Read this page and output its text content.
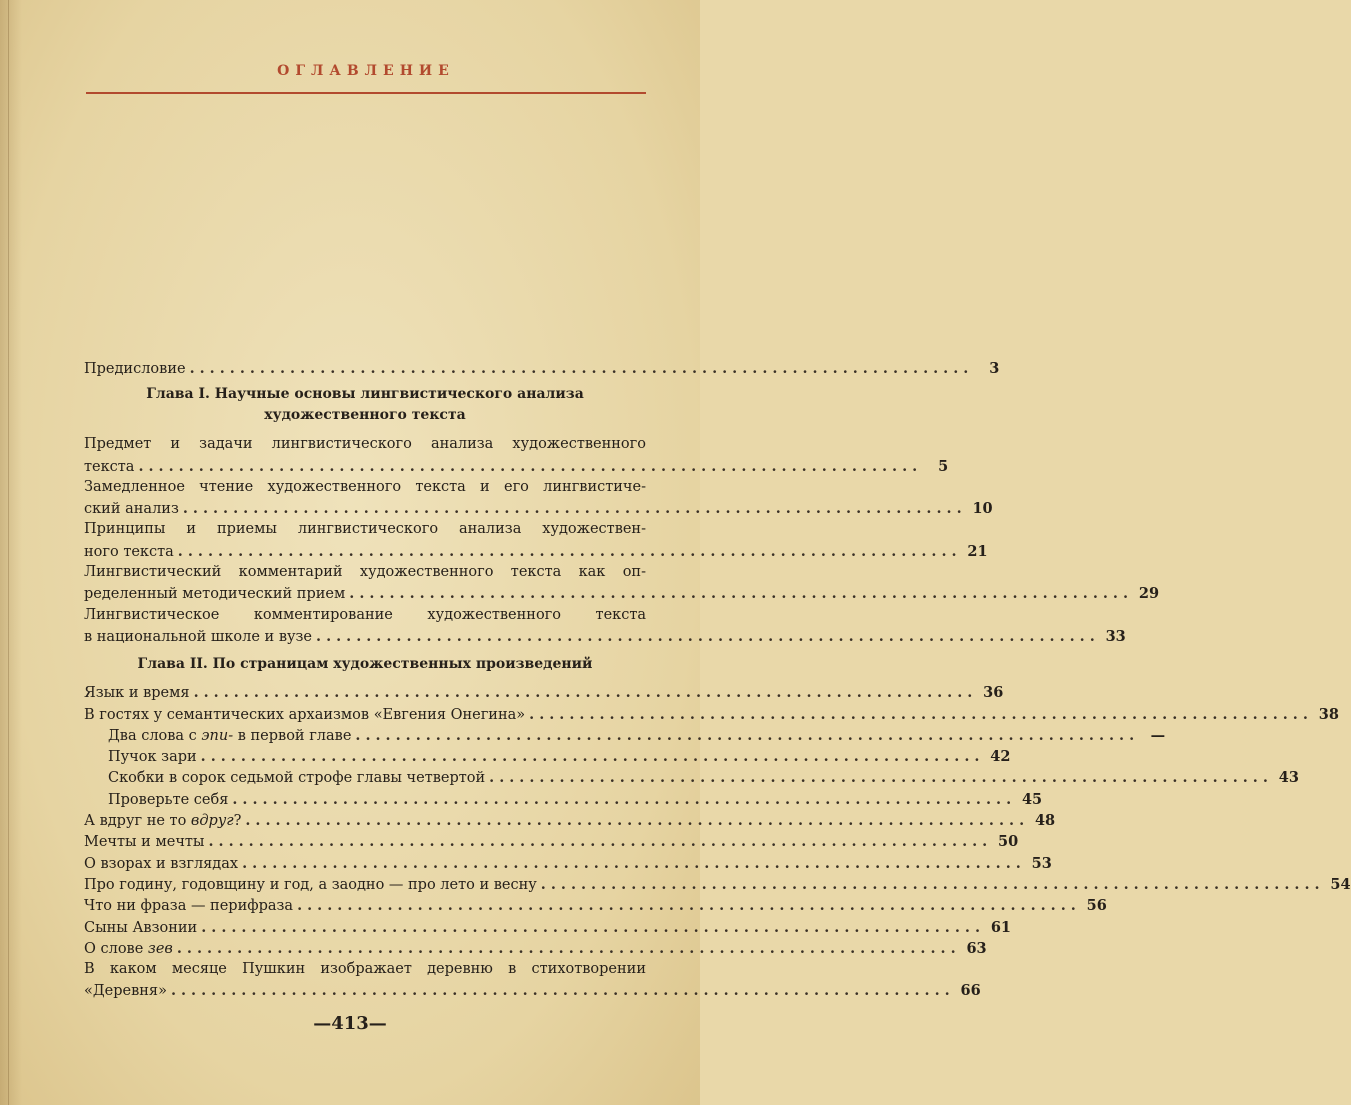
ОГЛАВЛЕНИЕ
Предисловие ..............................................................................	3
Глава I. Научные основы лингвистического анализа
художественного текста
Предмет и задачи лингвистического анализа художественного
текста ..............................................................................	5
Замедленное чтение художественного текста и его лингвистиче-
ский анализ .............................................................................. 10
Принципы и приемы лингвистического анализа художествен-
ного текста .............................................................................. 21
Лингвистический комментарий художественного текста как оп-
ределенный методический прием .............................................................................. 29
Лингвистическое комментирование художественного текста
в национальной школе и вузе .............................................................................. 33
Глава II. По страницам художественных произведений
Язык и время .............................................................................. 36
В гостях у семантических архаизмов «Евгения Онегина» .............................................................................. 38
Два слова с эпи- в первой главе .............................................................................. —
Пучок зари .............................................................................. 42
Скобки в сорок седьмой строфе главы четвертой .............................................................................. 43
Проверьте себя .............................................................................. 45
А вдруг не то вдруг? .............................................................................. 48
Мечты и мечты .............................................................................. 50
О взорах и взглядах .............................................................................. 53
Про годину, годовщину и год, а заодно — про лето и весну .............................................................................. 54
Что ни фраза — перифраза .............................................................................. 56
Сыны Авзонии .............................................................................. 61
О слове зев .............................................................................. 63
В каком месяце Пушкин изображает деревню в стихотворении
«Деревня» .............................................................................. 66
—413—
